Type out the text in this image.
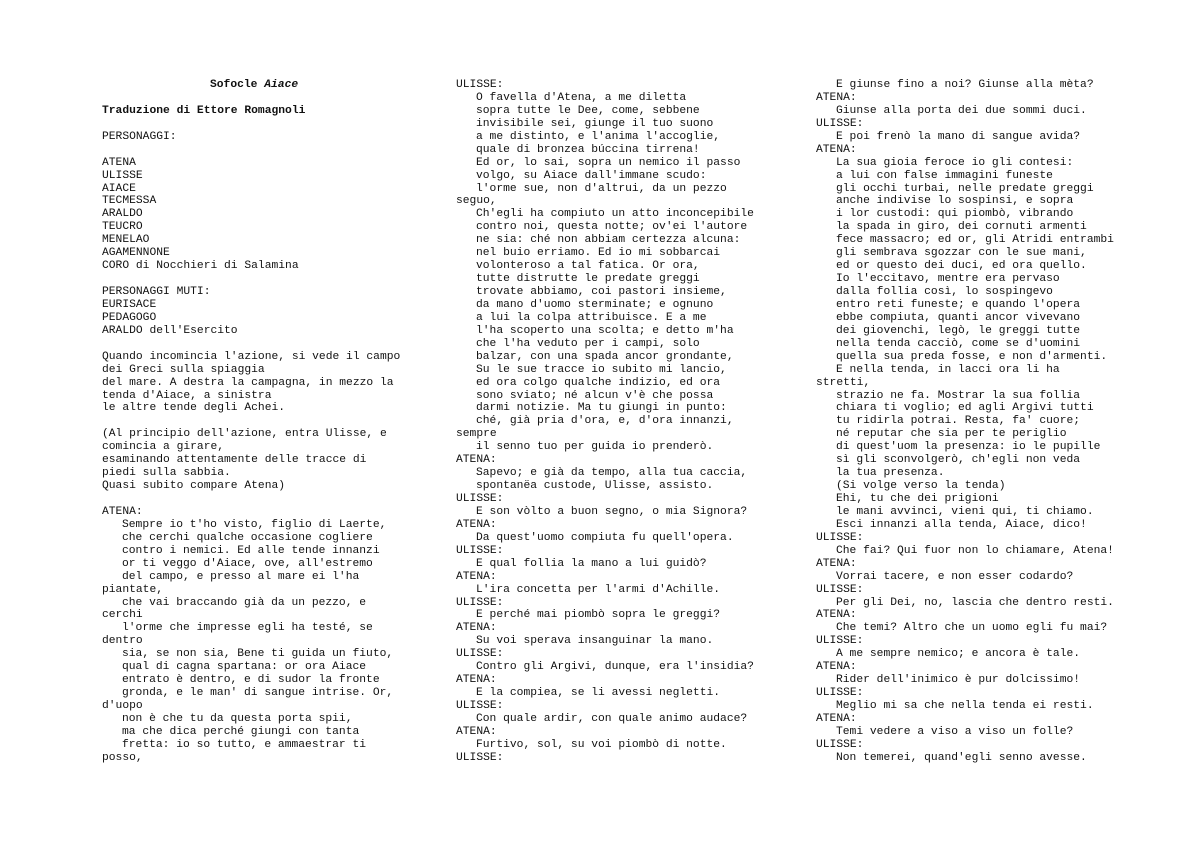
Sofocle Aiace

Traduzione di Ettore Romagnoli

PERSONAGGI:

ATENA
ULISSE
AIACE
TECMESSA
ARALDO
TEUCRO
MENELAO
AGAMENNONE
CORO di Nocchieri di Salamina

PERSONAGGI MUTI:
EURISACE
PEDAGOGO
ARALDO dell'Esercito

Quando incomincia l'azione, si vede il campo
dei Greci sulla spiaggia
del mare. A destra la campagna, in mezzo la
tenda d'Aiace, a sinistra
le altre tende degli Achei.

(Al principio dell'azione, entra Ulisse, e
comincia a girare,
esaminando attentamente delle tracce di
piedi sulla sabbia.
Quasi subito compare Atena)

ATENA:
Sempre io t'ho visto, figlio di Laerte,
che cerchi qualche occasione cogliere
contro i nemici. Ed alle tende innanzi
or ti veggo d'Aiace, ove, all'estremo
del campo, e presso al mare ei l'ha
piantate,
che vai braccando già da un pezzo, e
cerchi
l'orme che impresse egli ha testé, se
dentro
sia, se non sia, Bene ti guida un fiuto,
qual di cagna spartana: or ora Aiace
entrato è dentro, e di sudor la fronte
gronda, e le man' di sangue intrise. Or,
d'uopo
non è che tu da questa porta spii,
ma che dica perché giungi con tanta
fretta: io so tutto, e ammaestrar ti
posso,
ULISSE:
O favella d'Atena, a me diletta
sopra tutte le Dee, come, sebbene
invisibile sei, giunge il tuo suono
a me distinto, e l'anima l'accoglie,
quale di bronzea búccina tirrena!
Ed or, lo sai, sopra un nemico il passo
volgo, su Aiace dall'immane scudo:
l'orme sue, non d'altrui, da un pezzo
seguo,
Ch'egli ha compiuto un atto inconcepibile
contro noi, questa notte; ov'ei l'autore
ne sia: ché non abbiam certezza alcuna:
nel buio erriamo. Ed io mi sobbarcai
volonteroso a tal fatica. Or ora,
tutte distrutte le predate greggi
trovate abbiamo, coi pastori insieme,
da mano d'uomo sterminate; e ognuno
a lui la colpa attribuisce. E a me
l'ha scoperto una scolta; e detto m'ha
che l'ha veduto per i campi, solo
balzar, con una spada ancor grondante,
Su le sue tracce io subito mi lancio,
ed ora colgo qualche indizio, ed ora
sono sviato; né alcun v'è che possa
darmi notizie. Ma tu giungi in punto:
ché, già pria d'ora, e, d'ora innanzi,
sempre
il senno tuo per guida io prenderò.
ATENA:
Sapevo; e già da tempo, alla tua caccia,
spontanëa custode, Ulisse, assisto.
ULISSE:
E son vòlto a buon segno, o mia Signora?
ATENA:
Da quest'uomo compiuta fu quell'opera.
ULISSE:
E qual follia la mano a lui guidò?
ATENA:
L'ira concetta per l'armi d'Achille.
ULISSE:
E perché mai piombò sopra le greggi?
ATENA:
Su voi sperava insanguinar la mano.
ULISSE:
Contro gli Argivi, dunque, era l'insidia?
ATENA:
E la compiea, se li avessi negletti.
ULISSE:
Con quale ardir, con quale animo audace?
ATENA:
Furtivo, sol, su voi piombò di notte.
ULISSE:
E giunse fino a noi? Giunse alla mèta?
ATENA:
Giunse alla porta dei due sommi duci.
ULISSE:
E poi frenò la mano di sangue avida?
ATENA:
La sua gioia feroce io gli contesi:
a lui con false immagini funeste
gli occhi turbai, nelle predate greggi
anche indivise lo sospinsi, e sopra
i lor custodi: qui piombò, vibrando
la spada in giro, dei cornuti armenti
fece massacro; ed or, gli Atridi entrambi
gli sembrava sgozzar con le sue mani,
ed or questo dei duci, ed ora quello.
Io l'eccitavo, mentre era pervaso
dalla follia così, lo sospingevo
entro reti funeste; e quando l'opera
ebbe compiuta, quanti ancor vivevano
dei giovenchi, legò, le greggi tutte
nella tenda cacciò, come se d'uomini
quella sua preda fosse, e non d'armenti.
E nella tenda, in lacci ora li ha
stretti,
strazio ne fa. Mostrar la sua follia
chiara ti voglio; ed agli Argivi tutti
tu ridirla potrai. Resta, fa' cuore;
né reputar che sia per te periglio
di quest'uom la presenza: io le pupille
sì gli sconvolgerò, ch'egli non veda
la tua presenza.
(Si volge verso la tenda)
Ehi, tu che dei prigioni
le mani avvinci, vieni qui, ti chiamo.
Esci innanzi alla tenda, Aiace, dico!
ULISSE:
Che fai? Qui fuor non lo chiamare, Atena!
ATENA:
Vorrai tacere, e non esser codardo?
ULISSE:
Per gli Dei, no, lascia che dentro resti.
ATENA:
Che temi? Altro che un uomo egli fu mai?
ULISSE:
A me sempre nemico; e ancora è tale.
ATENA:
Rider dell'inimico è pur dolcissimo!
ULISSE:
Meglio mi sa che nella tenda ei resti.
ATENA:
Temi vedere a viso a viso un folle?
ULISSE:
Non temerei, quand'egli senno avesse.
